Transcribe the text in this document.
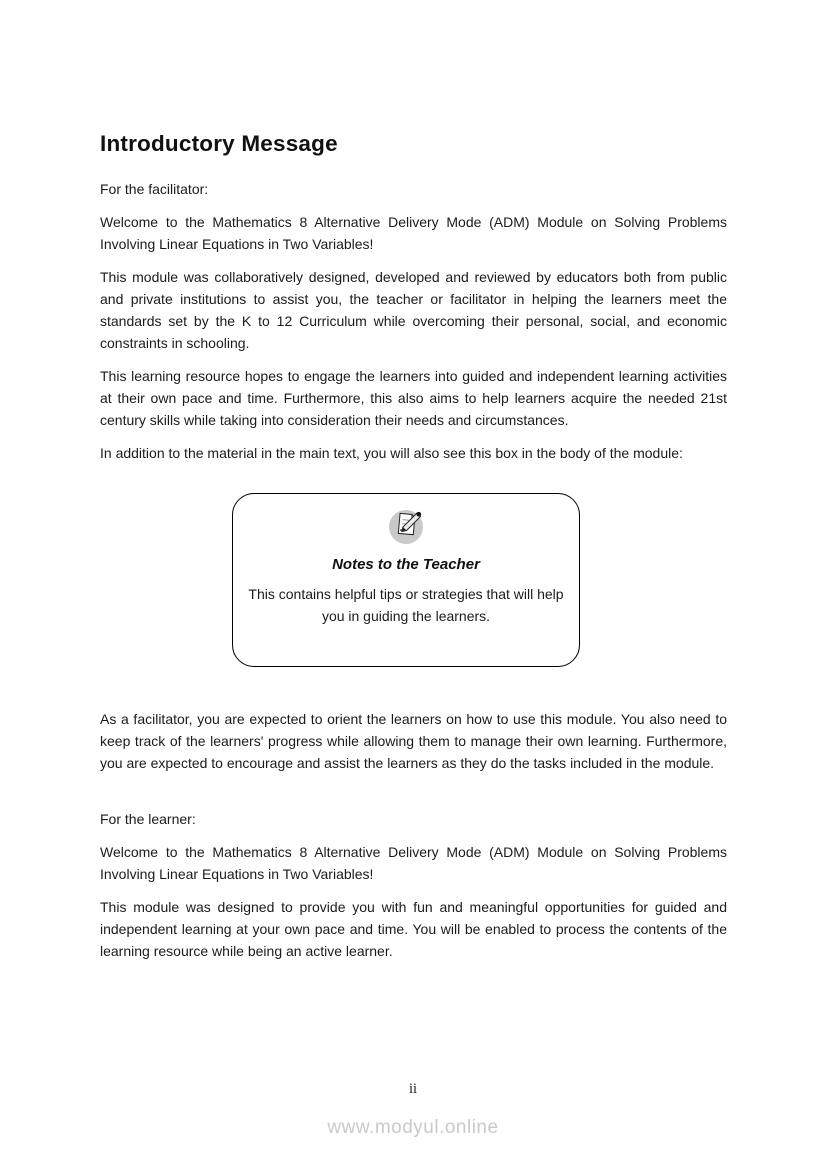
Introductory Message

For the facilitator:

Welcome to the Mathematics 8 Alternative Delivery Mode (ADM) Module on Solving Problems Involving Linear Equations in Two Variables!

This module was collaboratively designed, developed and reviewed by educators both from public and private institutions to assist you, the teacher or facilitator in helping the learners meet the standards set by the K to 12 Curriculum while overcoming their personal, social, and economic constraints in schooling.

This learning resource hopes to engage the learners into guided and independent learning activities at their own pace and time. Furthermore, this also aims to help learners acquire the needed 21st century skills while taking into consideration their needs and circumstances.

In addition to the material in the main text, you will also see this box in the body of the module:

Notes to the Teacher
This contains helpful tips or strategies that will help you in guiding the learners.

As a facilitator, you are expected to orient the learners on how to use this module. You also need to keep track of the learners' progress while allowing them to manage their own learning. Furthermore, you are expected to encourage and assist the learners as they do the tasks included in the module.

For the learner:

Welcome to the Mathematics 8 Alternative Delivery Mode (ADM) Module on Solving Problems Involving Linear Equations in Two Variables!

This module was designed to provide you with fun and meaningful opportunities for guided and independent learning at your own pace and time. You will be enabled to process the contents of the learning resource while being an active learner.

ii
www.modyul.online
